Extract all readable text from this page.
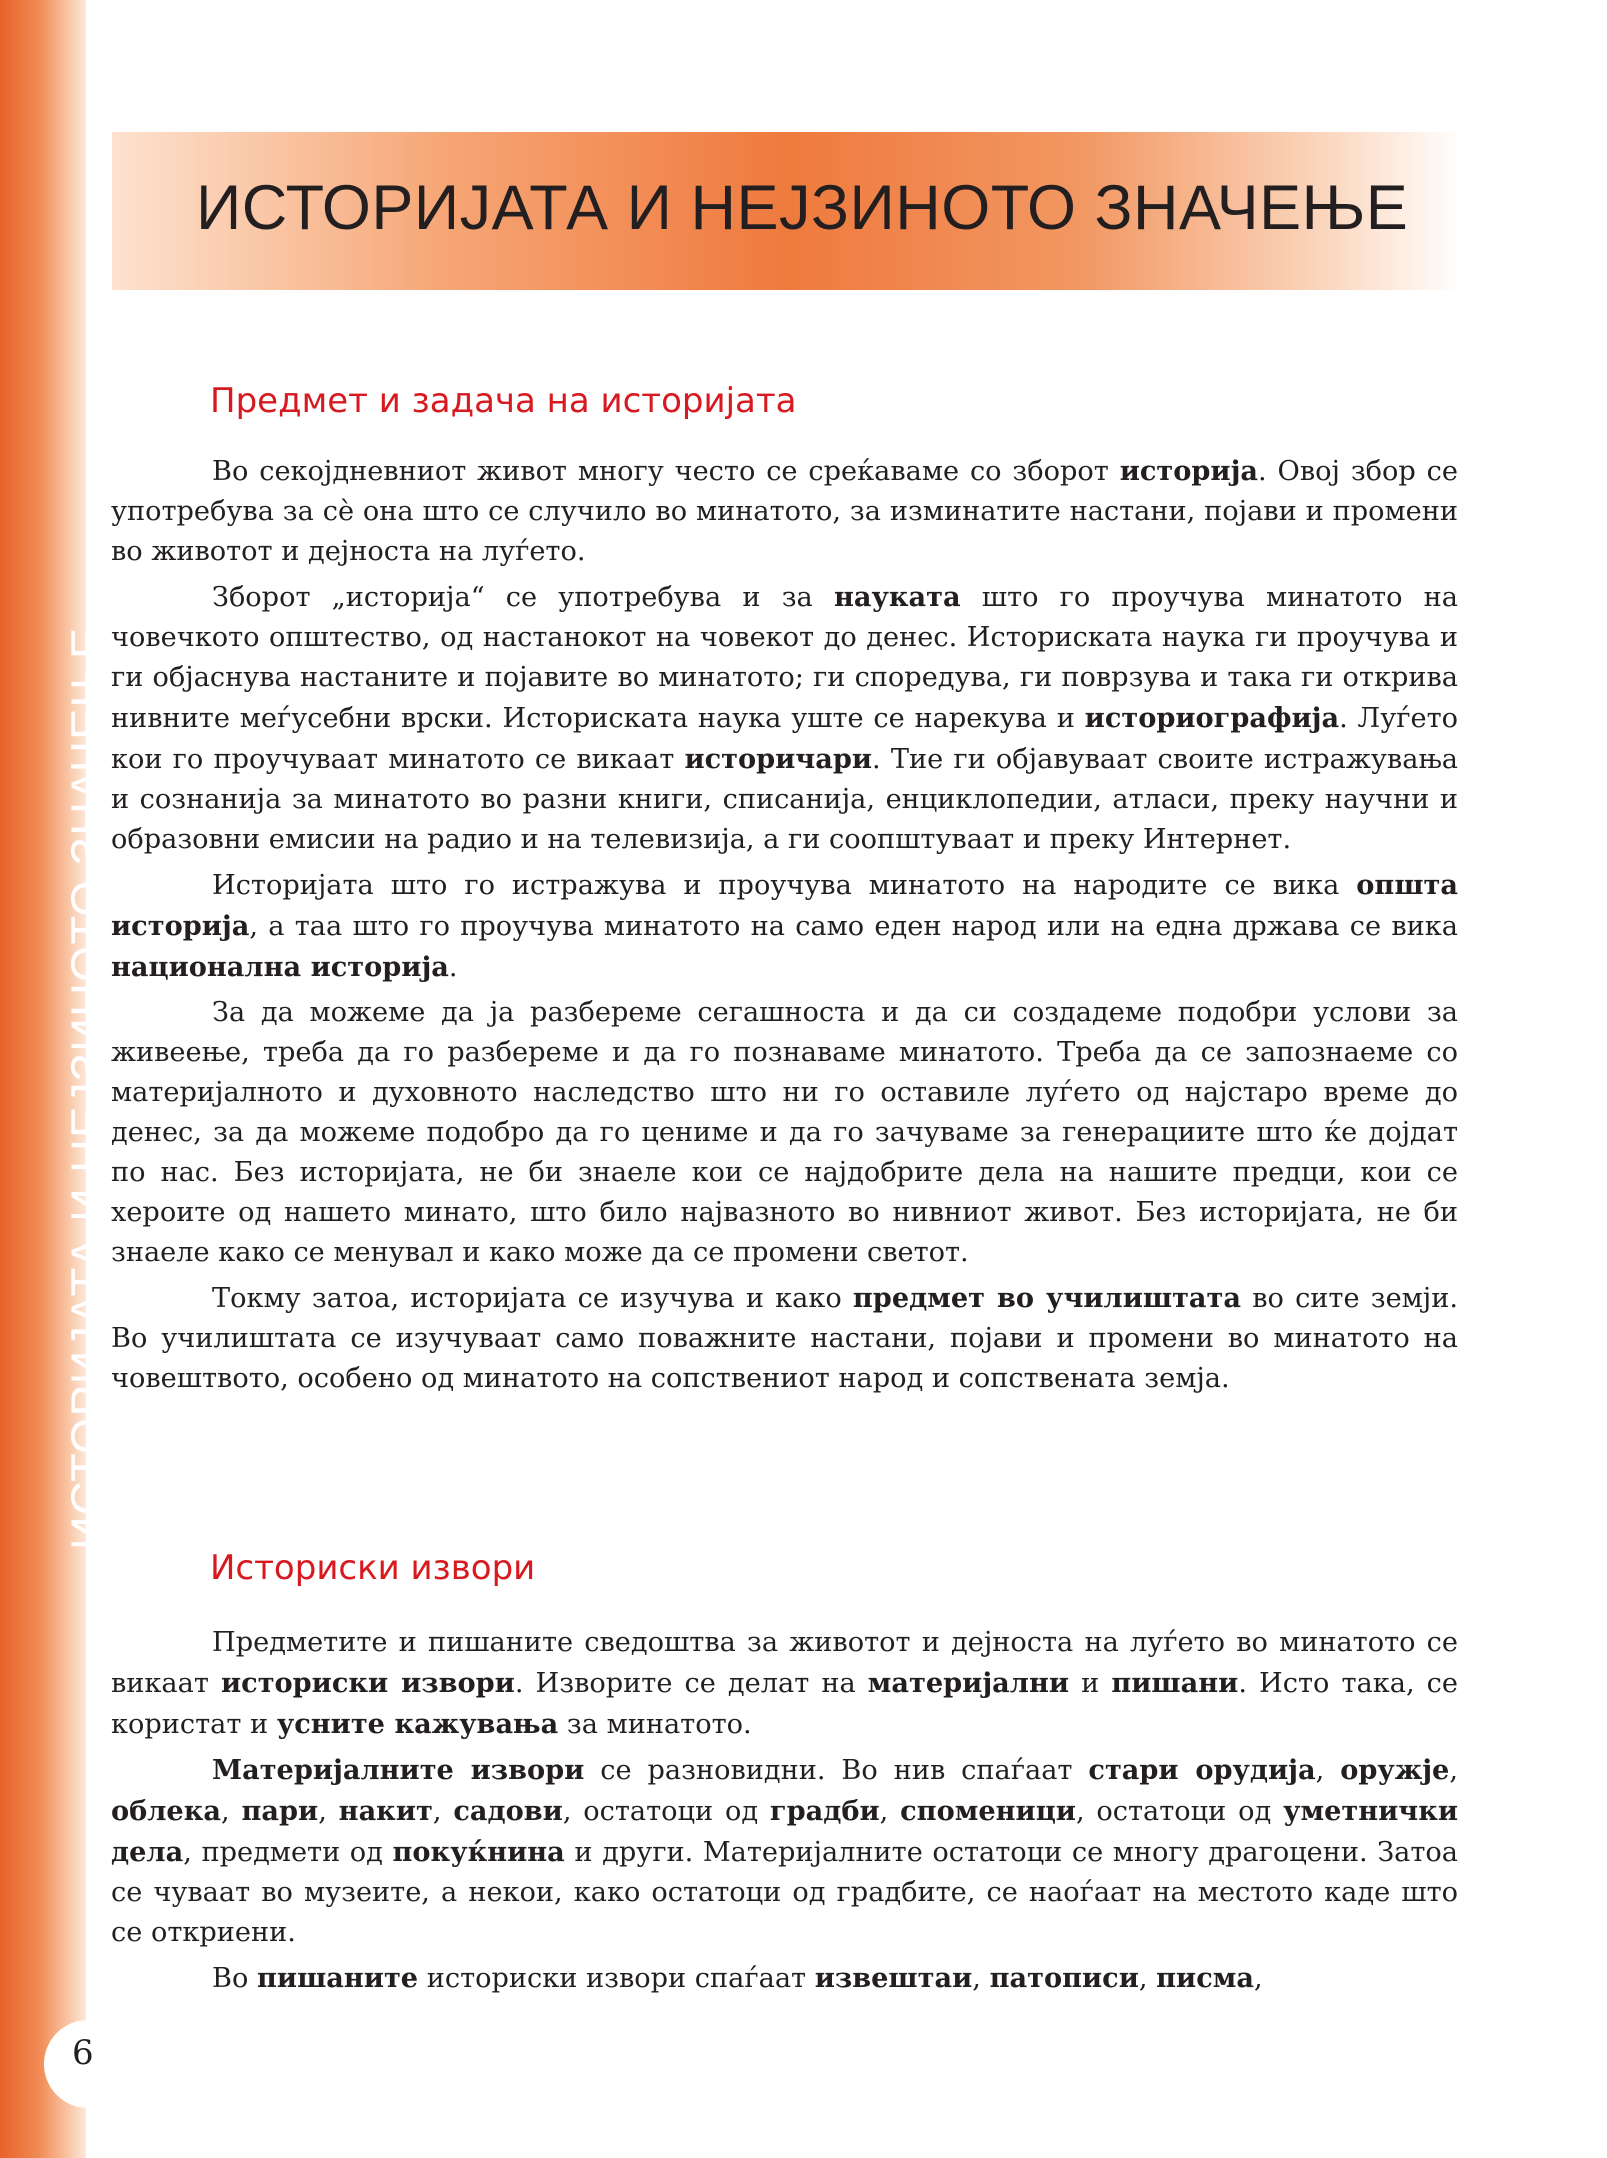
ИСТОРИЈАТА И НЕЈЗИНОТО ЗНАЧЕЊЕ
6
ИСТОРИЈАТА И НЕЈЗИНОТО ЗНАЧЕЊЕ
Предмет и задача на историјата

Во секојдневниот живот многу често се среќаваме со зборот историја. Овој збор се употребува за сè она што се случило во минатото, за изминатите настани, појави и промени во животот и дејноста на луѓето.

Зборот „историја“ се употребува и за науката што го проучува минатото на човечкото општество, од настанокот на човекот до денес. Историската наука ги проучува и ги објаснува настаните и појавите во минатото; ги споредува, ги поврзува и така ги открива нивните меѓусебни врски. Историската наука уште се нарекува и историографија. Луѓето кои го проучуваат минатото се викаат историчари. Тие ги објавуваат своите истражувања и сознанија за минатото во разни книги, списанија, енциклопедии, атласи, преку научни и образовни емисии на радио и на телевизија, а ги соопштуваат и преку Интернет.

Историјата што го истражува и проучува минатото на народите се вика општа историја, а таа што го проучува минатото на само еден народ или на една држава се вика национална историја.

За да можеме да ја разбереме сегашноста и да си создадеме подобри услови за живеење, треба да го разбереме и да го познаваме минатото. Треба да се запознаеме со материјалното и духовното наследство што ни го оставиле луѓето од најстаро време до денес, за да можеме подобро да го цениме и да го зачуваме за генерациите што ќе дојдат по нас. Без историјата, не би знаеле кои се најдобрите дела на нашите предци, кои се хероите од нашето минато, што било највазното во нивниот живот. Без историјата, не би знаеле како се менувал и како може да се промени светот.

Токму затоа, историјата се изучува и како предмет во училиштата во сите земји. Во училиштата се изучуваат само поважните настани, појави и промени во минатото на човештвото, особено од минатото на сопствениот народ и сопствената земја.

Историски извори

Предметите и пишаните сведоштва за животот и дејноста на луѓето во минатото се викаат историски извори. Изворите се делат на материјални и пишани. Исто така, се користат и усните кажувања за минатото.

Материјалните извори се разновидни. Во нив спаѓаат стари орудија, оружје, облека, пари, накит, садови, остатоци од градби, споменици, остатоци од уметнички дела, предмети од покуќнина и други. Материјалните остатоци се многу драгоцени. Затоа се чуваат во музеите, а некои, како остатоци од градбите, се наоѓаат на местото каде што се откриени.

Во пишаните историски извори спаѓаат извештаи, патописи, писма,
